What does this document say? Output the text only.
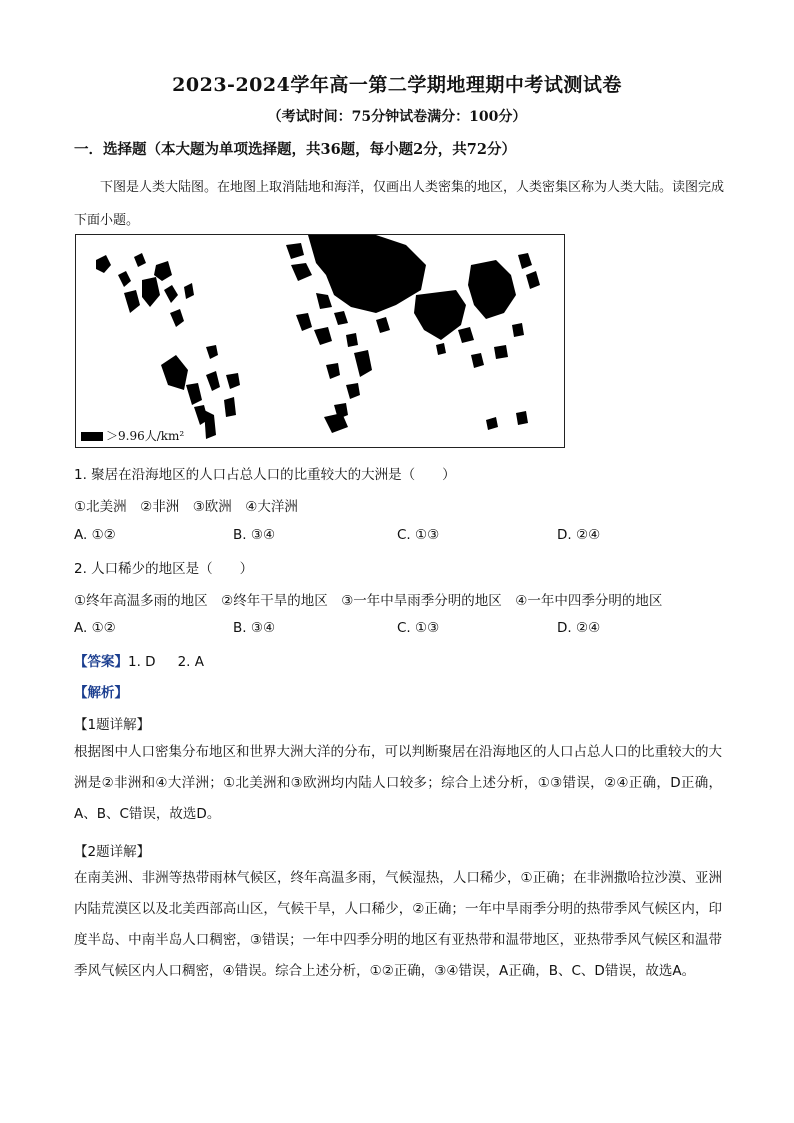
2023-2024学年高一第二学期地理期中考试测试卷
（考试时间：75分钟试卷满分：100分）
一．选择题（本大题为单项选择题，共36题，每小题2分，共72分）
下图是人类大陆图。在地图上取消陆地和海洋，仅画出人类密集的地区，人类密集区称为人类大陆。读图完成下面小题。
＞9.96人/km²
1. 聚居在沿海地区的人口占总人口的比重较大的大洲是（　　）
①北美洲　②非洲　③欧洲　④大洋洲
A. ①②	B. ③④	C. ①③	D. ②④
2. 人口稀少的地区是（　　）
①终年高温多雨的地区　②终年干旱的地区　③一年中旱雨季分明的地区　④一年中四季分明的地区
A. ①②	B. ③④	C. ①③	D. ②④
【答案】1. D 2. A
【解析】
【1题详解】
根据图中人口密集分布地区和世界大洲大洋的分布，可以判断聚居在沿海地区的人口占总人口的比重较大的大洲是②非洲和④大洋洲；①北美洲和③欧洲均内陆人口较多；综合上述分析，①③错误，②④正确，D正确，A、B、C错误，故选D。
【2题详解】
在南美洲、非洲等热带雨林气候区，终年高温多雨，气候湿热，人口稀少，①正确；在非洲撒哈拉沙漠、亚洲内陆荒漠区以及北美西部高山区，气候干旱，人口稀少，②正确；一年中旱雨季分明的热带季风气候区内，印度半岛、中南半岛人口稠密，③错误；一年中四季分明的地区有亚热带和温带地区，亚热带季风气候区和温带季风气候区内人口稠密，④错误。综合上述分析，①②正确，③④错误，A正确，B、C、D错误，故选A。
